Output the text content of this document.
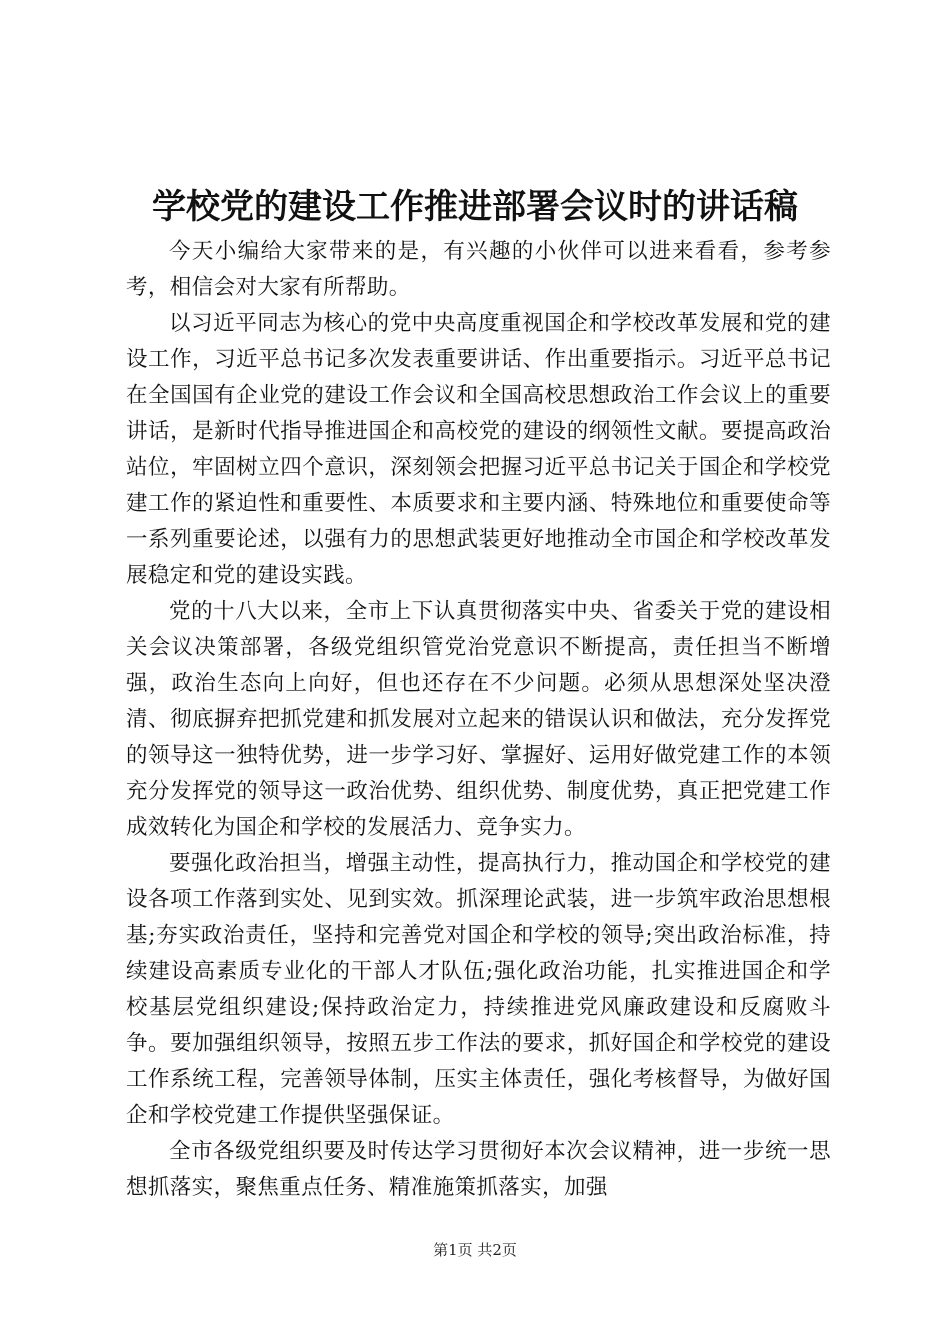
学校党的建设工作推进部署会议时的讲话稿

今天小编给大家带来的是，有兴趣的小伙伴可以进来看看，参考参考，相信会对大家有所帮助。

以习近平同志为核心的党中央高度重视国企和学校改革发展和党的建设工作，习近平总书记多次发表重要讲话、作出重要指示。习近平总书记在全国国有企业党的建设工作会议和全国高校思想政治工作会议上的重要讲话，是新时代指导推进国企和高校党的建设的纲领性文献。要提高政治站位，牢固树立四个意识，深刻领会把握习近平总书记关于国企和学校党建工作的紧迫性和重要性、本质要求和主要内涵、特殊地位和重要使命等一系列重要论述，以强有力的思想武装更好地推动全市国企和学校改革发展稳定和党的建设实践。

党的十八大以来，全市上下认真贯彻落实中央、省委关于党的建设相关会议决策部署，各级党组织管党治党意识不断提高，责任担当不断增强，政治生态向上向好，但也还存在不少问题。必须从思想深处坚决澄清、彻底摒弃把抓党建和抓发展对立起来的错误认识和做法，充分发挥党的领导这一独特优势，进一步学习好、掌握好、运用好做党建工作的本领充分发挥党的领导这一政治优势、组织优势、制度优势，真正把党建工作成效转化为国企和学校的发展活力、竞争实力。

要强化政治担当，增强主动性，提高执行力，推动国企和学校党的建设各项工作落到实处、见到实效。抓深理论武装，进一步筑牢政治思想根基;夯实政治责任，坚持和完善党对国企和学校的领导;突出政治标准，持续建设高素质专业化的干部人才队伍;强化政治功能，扎实推进国企和学校基层党组织建设;保持政治定力，持续推进党风廉政建设和反腐败斗争。要加强组织领导，按照五步工作法的要求，抓好国企和学校党的建设工作系统工程，完善领导体制，压实主体责任，强化考核督导，为做好国企和学校党建工作提供坚强保证。

全市各级党组织要及时传达学习贯彻好本次会议精神，进一步统一思想抓落实，聚焦重点任务、精准施策抓落实，加强

第1页 共2页
